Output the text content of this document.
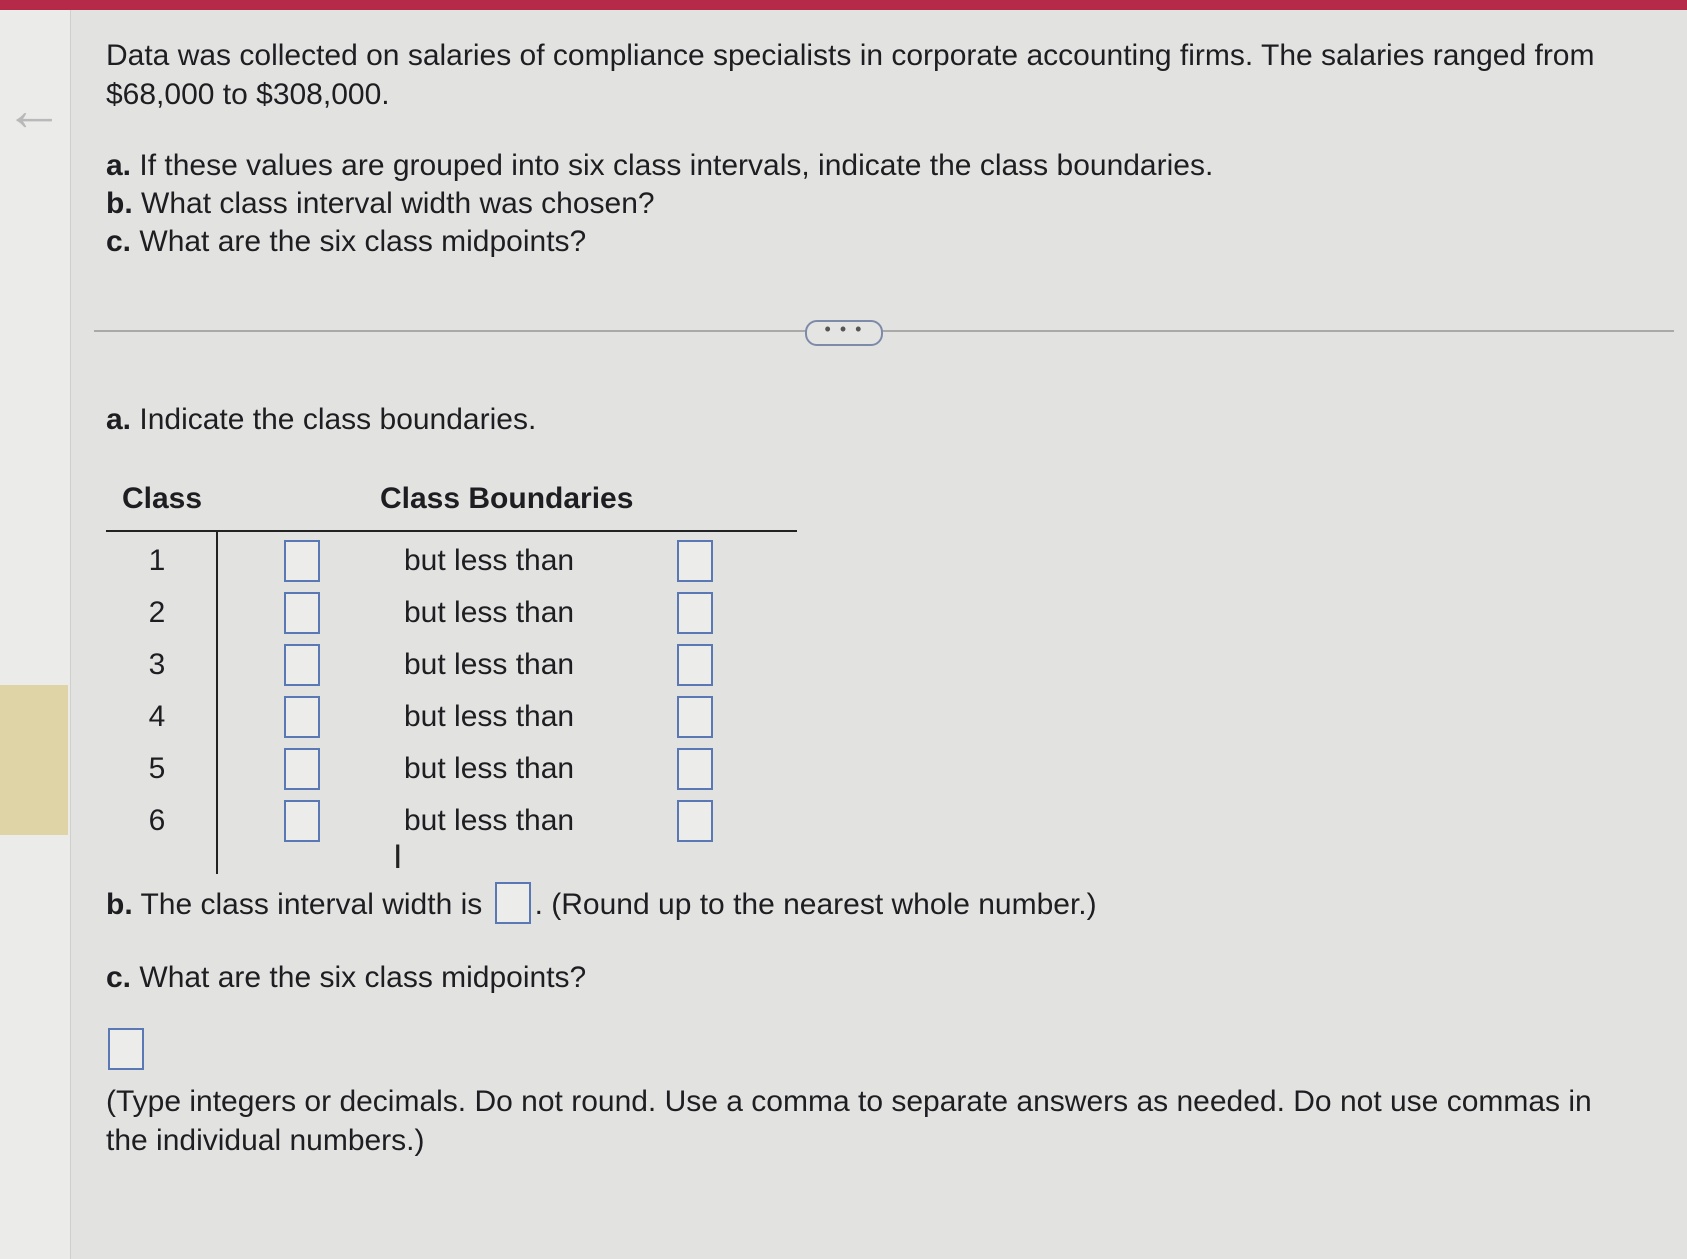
←
Data was collected on salaries of compliance specialists in corporate accounting firms. The salaries ranged from
$68,000 to $308,000.
a. If these values are grouped into six class intervals, indicate the class boundaries.
b. What class interval width was chosen?
c. What are the six class midpoints?
• • •
a. Indicate the class boundaries.
Class	Class Boundaries
1	but less than
2	but less than
3	but less than
4	but less than
5	but less than
6	but less than
b. The class interval width is . (Round up to the nearest whole number.)
c. What are the six class midpoints?
(Type integers or decimals. Do not round. Use a comma to separate answers as needed. Do not use commas in the individual numbers.)
I
